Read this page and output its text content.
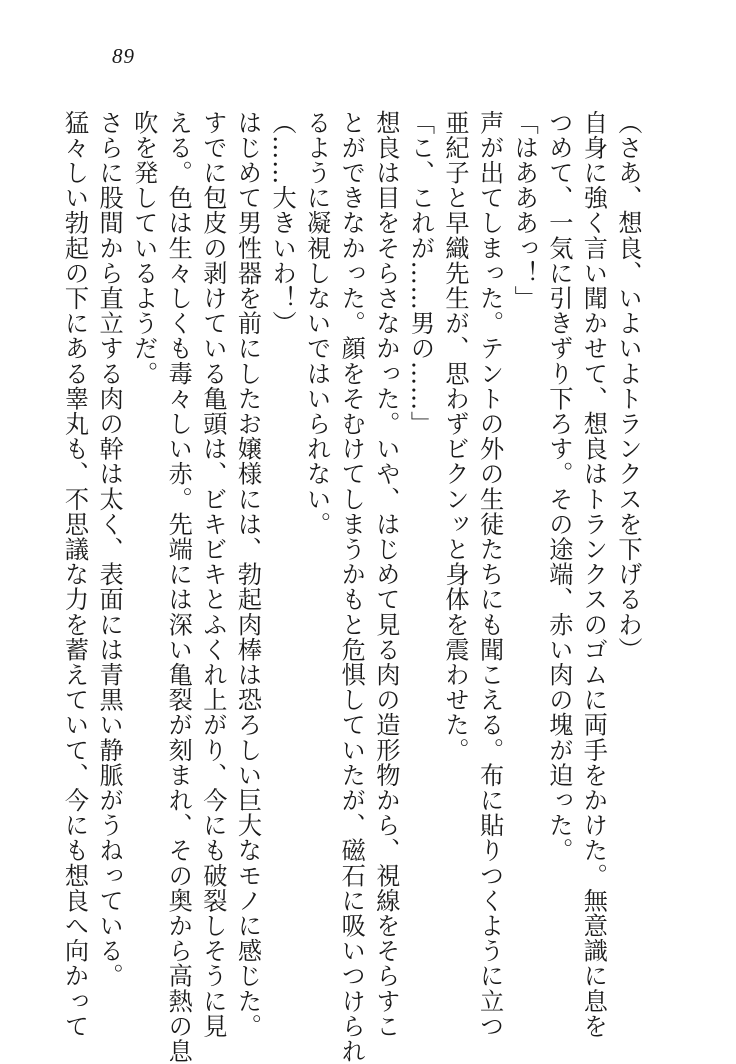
89
（さあ、想良、いよいよトランクスを下げるわ）
自身に強く言い聞かせて、想良はトランクスのゴムに両手をかけた。無意識に息を
つめて、一気に引きずり下ろす。その途端、赤い肉の塊が迫った。
「はあああっ！」
声が出てしまった。テントの外の生徒たちにも聞こえる。布に貼りつくように立つ
亜紀子と早織先生が、思わずビクンッと身体を震わせた。
「こ、これが……男の……」
想良は目をそらさなかった。いや、はじめて見る肉の造形物から、視線をそらすこ
とができなかった。顔をそむけてしまうかもと危惧していたが、磁石に吸いつけられ
るように凝視しないではいられない。
（……大きいわ！）
はじめて男性器を前にしたお嬢様には、勃起肉棒は恐ろしい巨大なモノに感じた。
すでに包皮の剥けている亀頭は、ビキビキとふくれ上がり、今にも破裂しそうに見
える。色は生々しくも毒々しい赤。先端には深い亀裂が刻まれ、その奥から高熱の息
吹を発しているようだ。
さらに股間から直立する肉の幹は太く、表面には青黒い静脈がうねっている。
猛々しい勃起の下にある睾丸も、不思議な力を蓄えていて、今にも想良へ向かって
